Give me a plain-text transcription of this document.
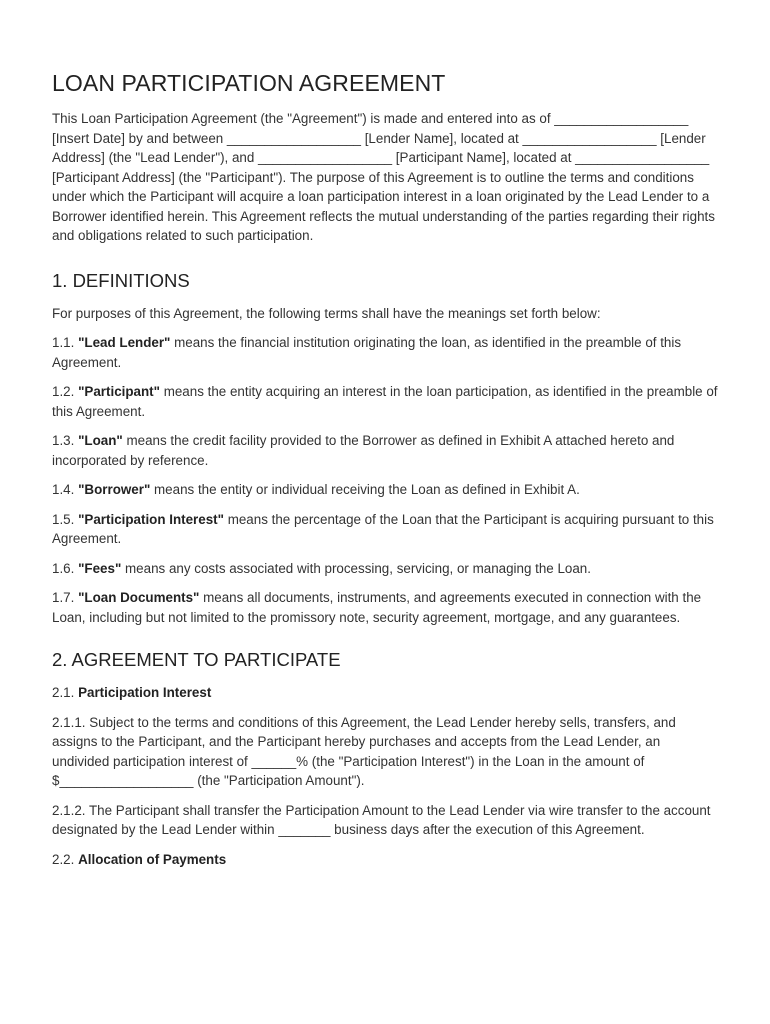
LOAN PARTICIPATION AGREEMENT

This Loan Participation Agreement (the "Agreement") is made and entered into as of __________________ [Insert Date] by and between __________________ [Lender Name], located at __________________ [Lender Address] (the "Lead Lender"), and __________________ [Participant Name], located at __________________ [Participant Address] (the "Participant"). The purpose of this Agreement is to outline the terms and conditions under which the Participant will acquire a loan participation interest in a loan originated by the Lead Lender to a Borrower identified herein. This Agreement reflects the mutual understanding of the parties regarding their rights and obligations related to such participation.

1. DEFINITIONS

For purposes of this Agreement, the following terms shall have the meanings set forth below:

1.1. "Lead Lender" means the financial institution originating the loan, as identified in the preamble of this Agreement.

1.2. "Participant" means the entity acquiring an interest in the loan participation, as identified in the preamble of this Agreement.

1.3. "Loan" means the credit facility provided to the Borrower as defined in Exhibit A attached hereto and incorporated by reference.

1.4. "Borrower" means the entity or individual receiving the Loan as defined in Exhibit A.

1.5. "Participation Interest" means the percentage of the Loan that the Participant is acquiring pursuant to this Agreement.

1.6. "Fees" means any costs associated with processing, servicing, or managing the Loan.

1.7. "Loan Documents" means all documents, instruments, and agreements executed in connection with the Loan, including but not limited to the promissory note, security agreement, mortgage, and any guarantees.

2. AGREEMENT TO PARTICIPATE

2.1. Participation Interest

2.1.1. Subject to the terms and conditions of this Agreement, the Lead Lender hereby sells, transfers, and assigns to the Participant, and the Participant hereby purchases and accepts from the Lead Lender, an undivided participation interest of ______% (the "Participation Interest") in the Loan in the amount of $__________________ (the "Participation Amount").

2.1.2. The Participant shall transfer the Participation Amount to the Lead Lender via wire transfer to the account designated by the Lead Lender within _______ business days after the execution of this Agreement.

2.2. Allocation of Payments
